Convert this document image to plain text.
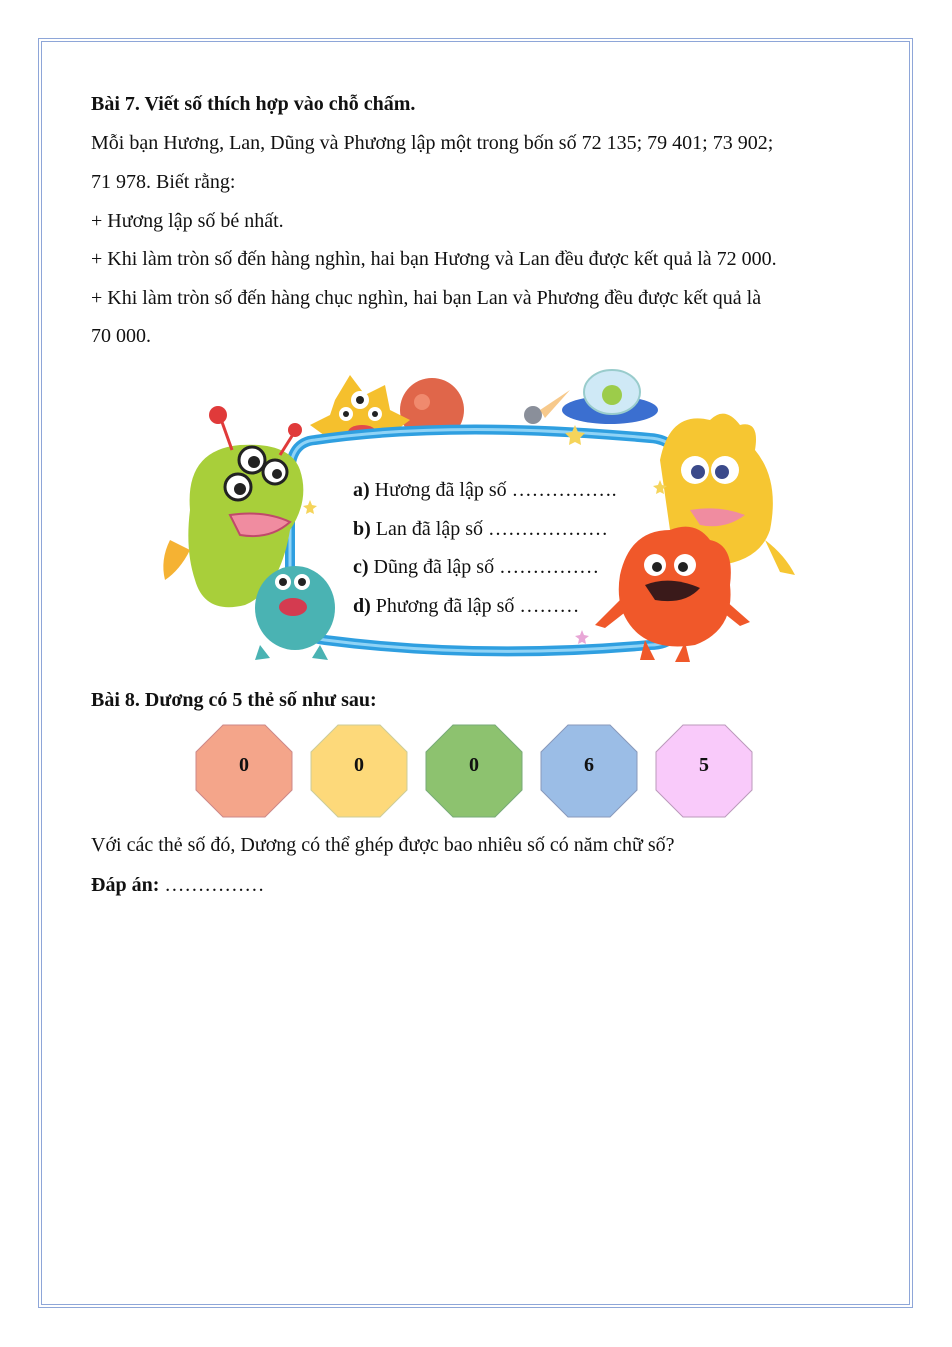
Bài 7. Viết số thích hợp vào chỗ chấm.
Mỗi bạn Hương, Lan, Dũng và Phương lập một trong bốn số 72 135; 79 401; 73 902;
71 978. Biết rằng:
+ Hương lập số bé nhất.
+ Khi làm tròn số đến hàng nghìn, hai bạn Hương và Lan đều được kết quả là 72 000.
+ Khi làm tròn số đến hàng chục nghìn, hai bạn Lan và Phương đều được kết quả là
70 000.
a) Hương đã lập số …………….
b) Lan đã lập số ………………
c) Dũng đã lập số ……………
d) Phương đã lập số ………
Bài 8. Dương có 5 thẻ số như sau:
0	0	0	6	5
Với các thẻ số đó, Dương có thể ghép được bao nhiêu số có năm chữ số?
Đáp án: ……………
